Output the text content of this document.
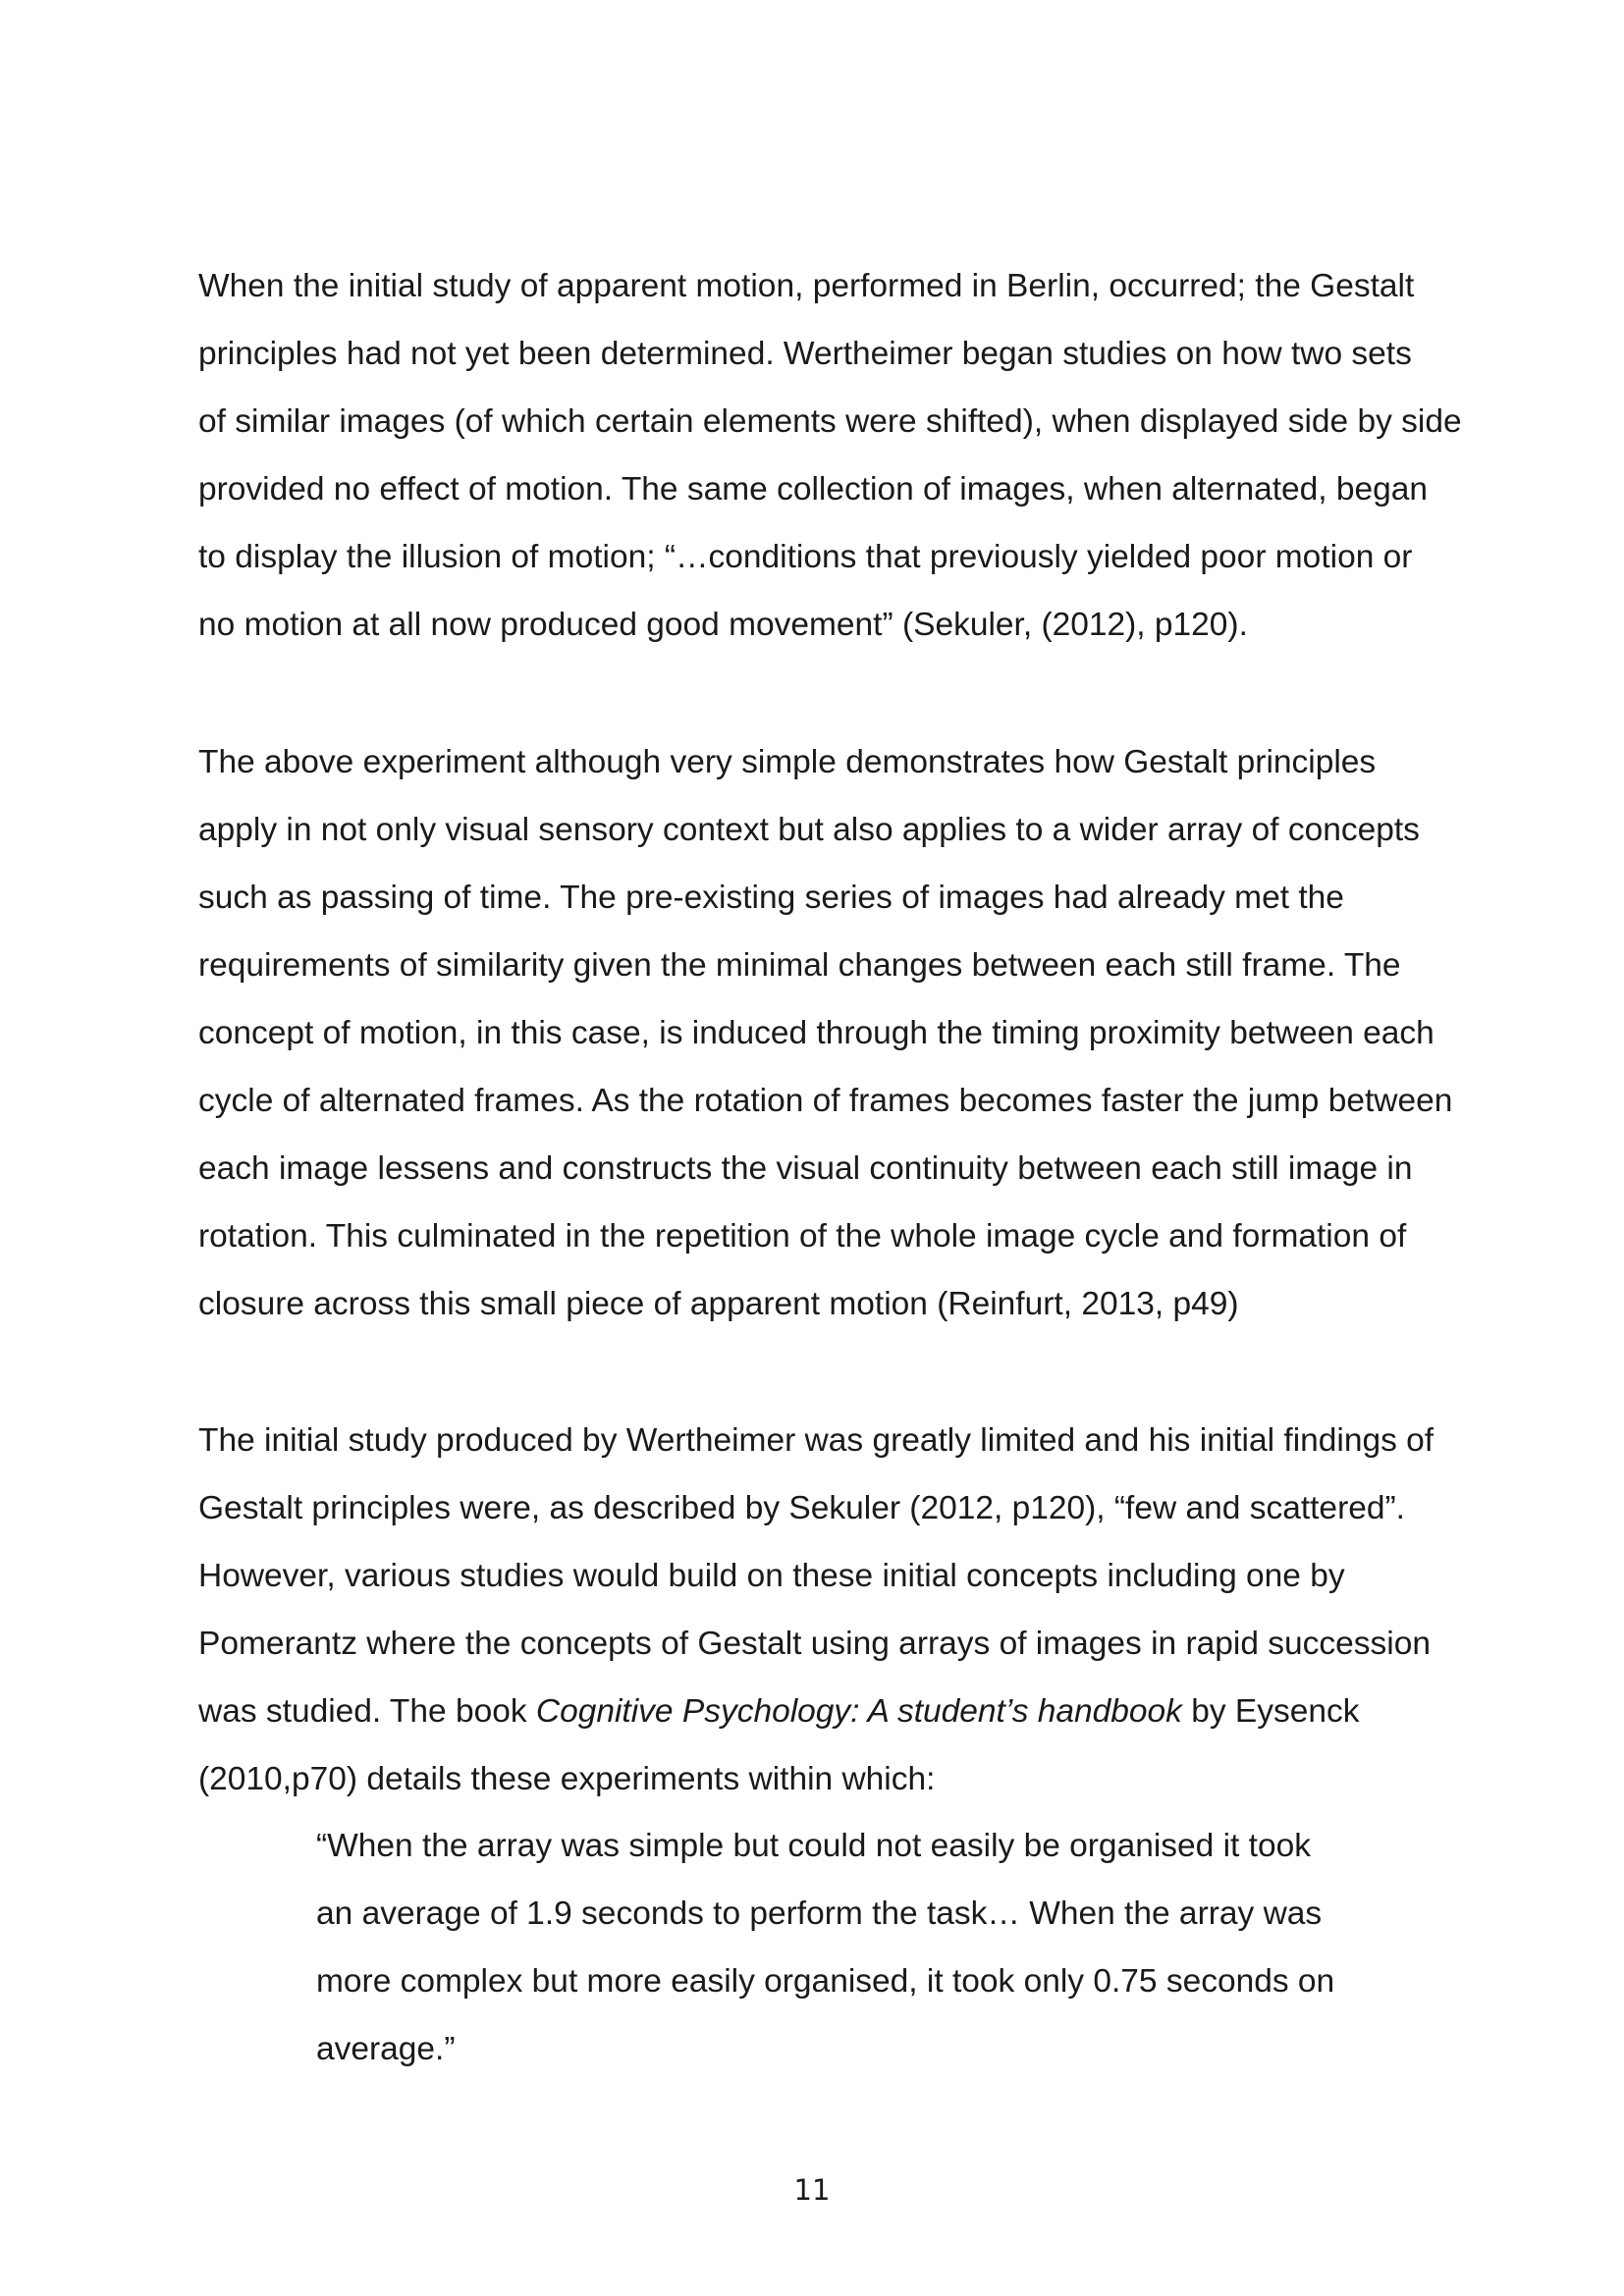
When the initial study of apparent motion, performed in Berlin, occurred; the Gestalt
principles had not yet been determined. Wertheimer began studies on how two sets
of similar images (of which certain elements were shifted), when displayed side by side
provided no effect of motion. The same collection of images, when alternated, began
to display the illusion of motion; “…conditions that previously yielded poor motion or
no motion at all now produced good movement” (Sekuler, (2012), p120).

The above experiment although very simple demonstrates how Gestalt principles
apply in not only visual sensory context but also applies to a wider array of concepts
such as passing of time. The pre-existing series of images had already met the
requirements of similarity given the minimal changes between each still frame. The
concept of motion, in this case, is induced through the timing proximity between each
cycle of alternated frames. As the rotation of frames becomes faster the jump between
each image lessens and constructs the visual continuity between each still image in
rotation. This culminated in the repetition of the whole image cycle and formation of
closure across this small piece of apparent motion (Reinfurt, 2013, p49)

The initial study produced by Wertheimer was greatly limited and his initial findings of
Gestalt principles were, as described by Sekuler (2012, p120), “few and scattered”.
However, various studies would build on these initial concepts including one by
Pomerantz where the concepts of Gestalt using arrays of images in rapid succession
was studied. The book Cognitive Psychology: A student’s handbook by Eysenck
(2010,p70) details these experiments within which:

“When the array was simple but could not easily be organised it took
an average of 1.9 seconds to perform the task… When the array was
more complex but more easily organised, it took only 0.75 seconds on
average.”

11
